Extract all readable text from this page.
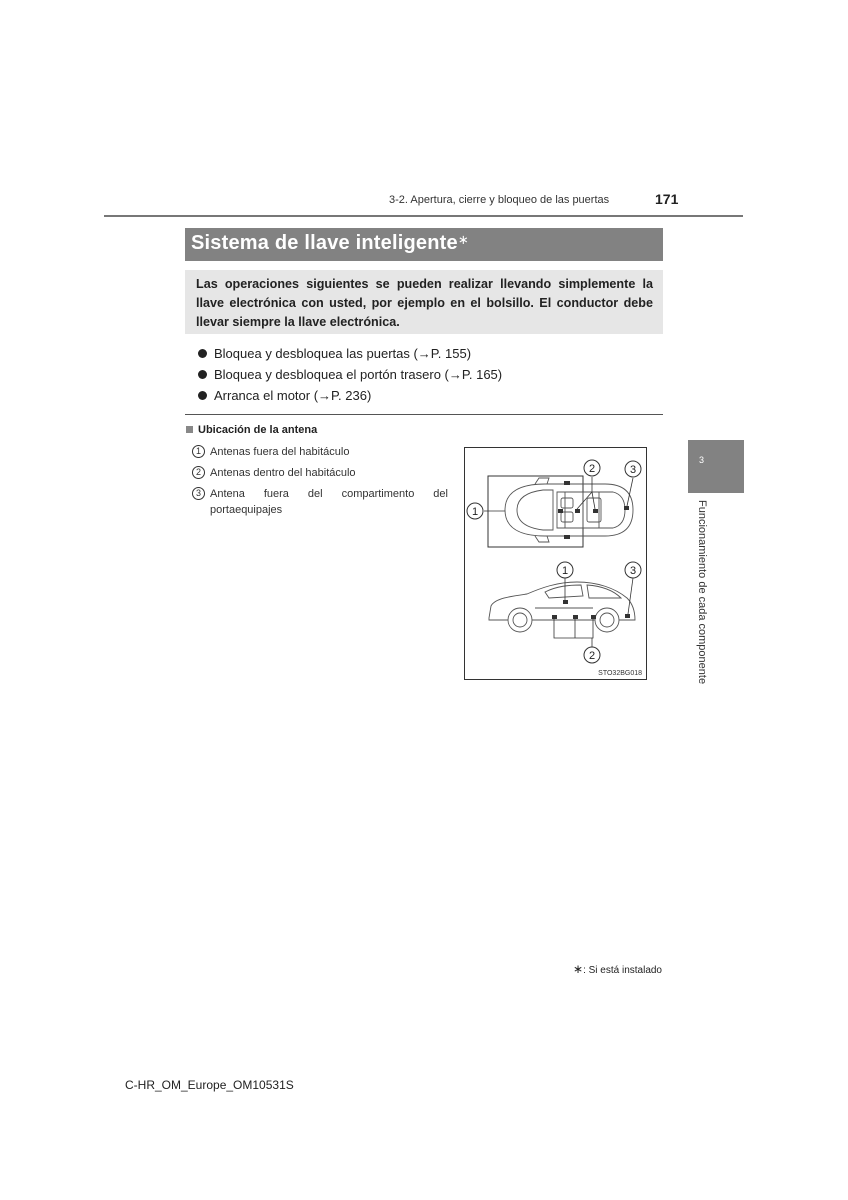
3-2. Apertura, cierre y bloqueo de las puertas	171
Sistema de llave inteligente∗
Las operaciones siguientes se pueden realizar llevando simplemente la llave electrónica con usted, por ejemplo en el bolsillo. El conductor debe llevar siempre la llave electrónica.
Bloquea y desbloquea las puertas (→P. 155)
Bloquea y desbloquea el portón trasero (→P. 165)
Arranca el motor (→P. 236)
Ubicación de la antena
1 Antenas fuera del habitáculo
2 Antenas dentro del habitáculo
3 Antena fuera del compartimento del portaequipajes	1
2	3
1	3
2
STO32BG018
3
Funcionamiento de cada componente
∗: Si está instalado
C-HR_OM_Europe_OM10531S
